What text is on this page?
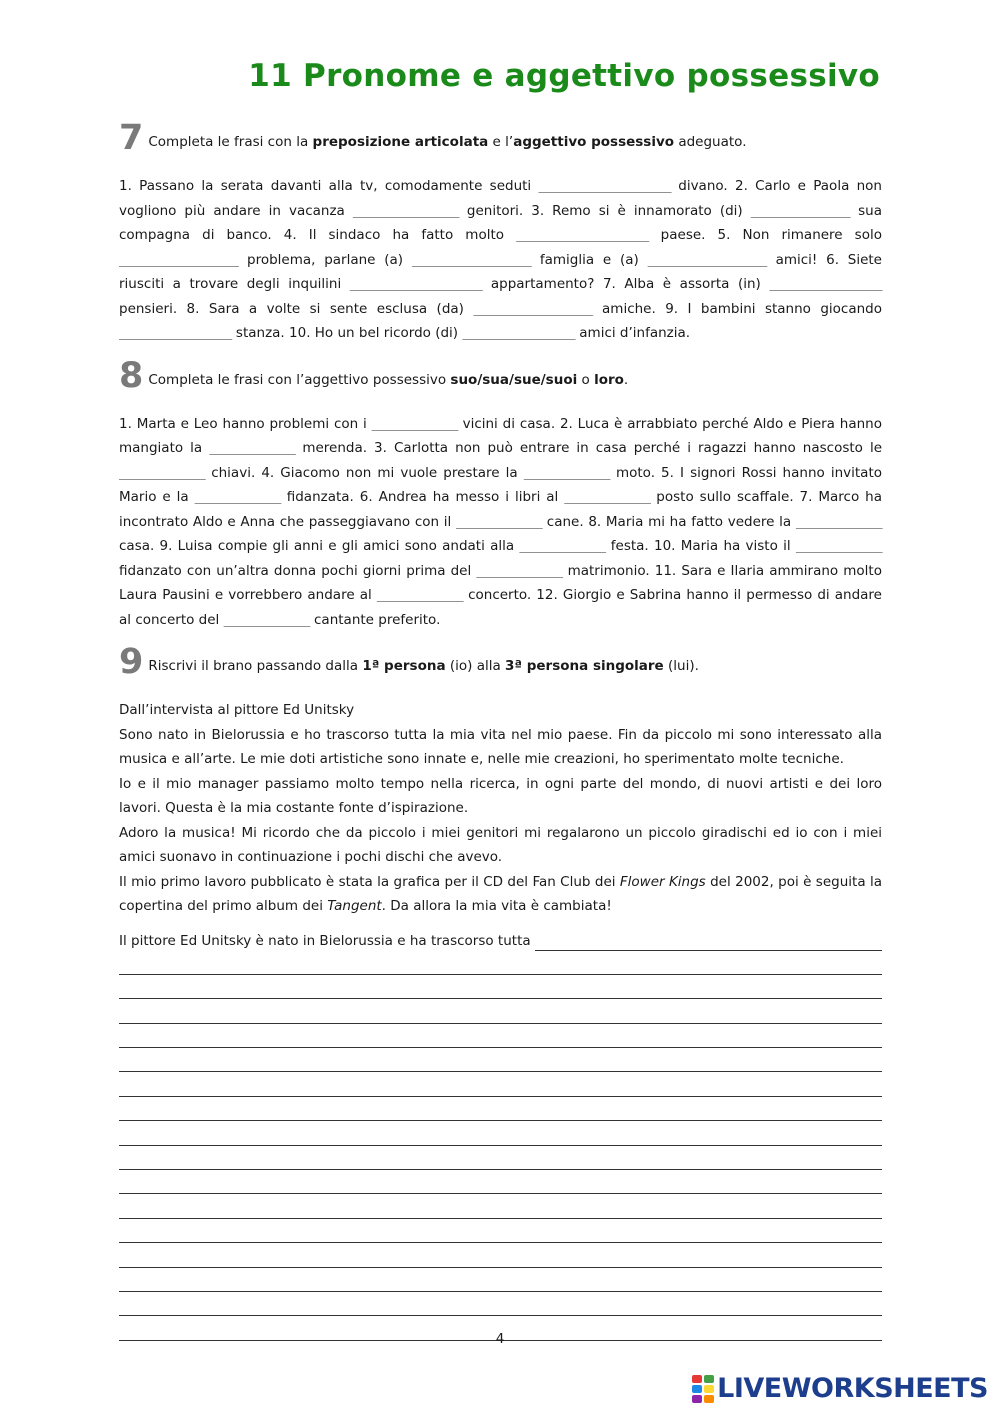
11 Pronome e aggettivo possessivo
7 Completa le frasi con la preposizione articolata e l’aggettivo possessivo adeguato.

1. Passano la serata davanti alla tv, comodamente seduti ____________________ divano. 2. Carlo e Paola non vogliono più andare in vacanza ________________ genitori. 3. Remo si è innamorato (di) _______________ sua compagna di banco. 4. Il sindaco ha fatto molto ____________________ paese. 5. Non rimanere solo __________________ problema, parlane (a) __________________ famiglia e (a) __________________ amici! 6. Siete riusciti a trovare degli inquilini ____________________ appartamento? 7. Alba è assorta (in) _________________ pensieri. 8. Sara a volte si sente esclusa (da) __________________ amiche. 9. I bambini stanno giocando _________________ stanza. 10. Ho un bel ricordo (di) _________________ amici d’infanzia.

8 Completa le frasi con l’aggettivo possessivo suo/sua/sue/suoi o loro.

1. Marta e Leo hanno problemi con i _____________ vicini di casa. 2. Luca è arrabbiato perché Aldo e Piera hanno mangiato la _____________ merenda. 3. Carlotta non può entrare in casa perché i ragazzi hanno nascosto le _____________ chiavi. 4. Giacomo non mi vuole prestare la _____________ moto. 5. I signori Rossi hanno invitato Mario e la _____________ fidanzata. 6. Andrea ha messo i libri al _____________ posto sullo scaffale. 7. Marco ha incontrato Aldo e Anna che passeggiavano con il _____________ cane. 8. Maria mi ha fatto vedere la _____________ casa. 9. Luisa compie gli anni e gli amici sono andati alla _____________ festa. 10. Maria ha visto il _____________ fidanzato con un’altra donna pochi giorni prima del _____________ matrimonio. 11. Sara e Ilaria ammirano molto Laura Pausini e vorrebbero andare al _____________ concerto. 12. Giorgio e Sabrina hanno il permesso di andare al concerto del _____________ cantante preferito.

9 Riscrivi il brano passando dalla 1ª persona (io) alla 3ª persona singolare (lui).

Dall’intervista al pittore Ed Unitsky

Sono nato in Bielorussia e ho trascorso tutta la mia vita nel mio paese. Fin da piccolo mi sono interessato alla musica e all’arte. Le mie doti artistiche sono innate e, nelle mie creazioni, ho sperimentato molte tecniche.

Io e il mio manager passiamo molto tempo nella ricerca, in ogni parte del mondo, di nuovi artisti e dei loro lavori. Questa è la mia costante fonte d’ispirazione.

Adoro la musica! Mi ricordo che da piccolo i miei genitori mi regalarono un piccolo giradischi ed io con i miei amici suonavo in continuazione i pochi dischi che avevo.

Il mio primo lavoro pubblicato è stata la grafica per il CD del Fan Club dei Flower Kings del 2002, poi è seguita la copertina del primo album dei Tangent. Da allora la mia vita è cambiata!

Il pittore Ed Unitsky è nato in Bielorussia e ha trascorso tutta
4
LIVEWORKSHEETS
